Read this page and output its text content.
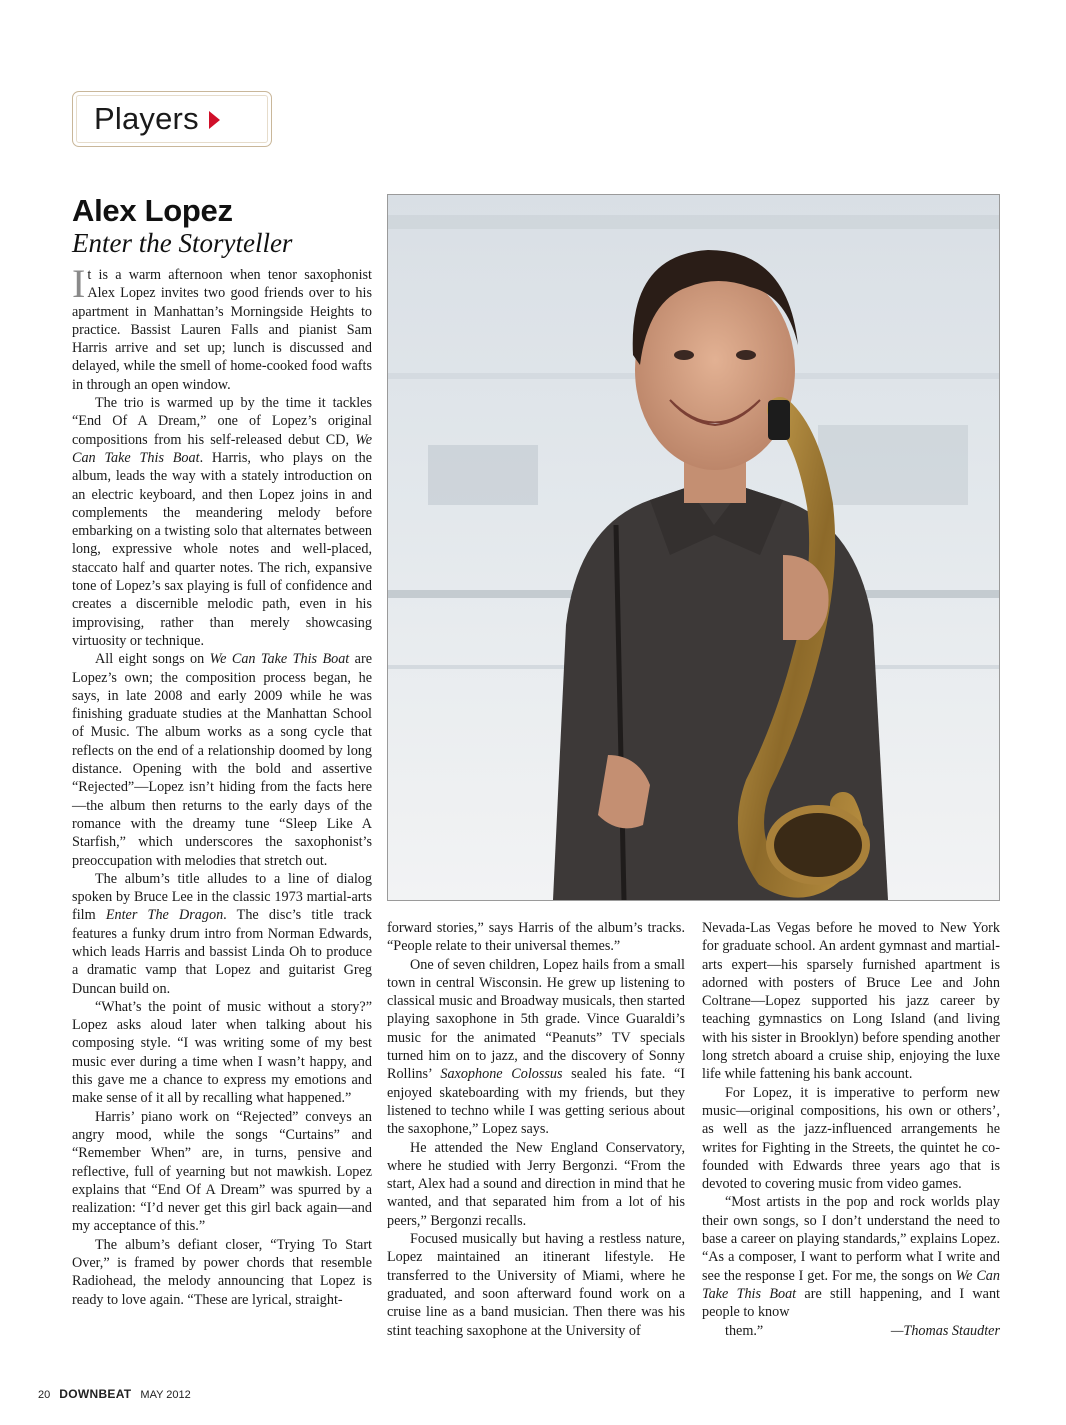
Players
Alex Lopez
Enter the Storyteller

It is a warm afternoon when tenor saxophonist Alex Lopez invites two good friends over to his apartment in Manhattan’s Morningside Heights to practice. Bassist Lauren Falls and pianist Sam Harris arrive and set up; lunch is discussed and delayed, while the smell of home-cooked food wafts in through an open window.

The trio is warmed up by the time it tackles “End Of A Dream,” one of Lopez’s original compositions from his self-released debut CD, We Can Take This Boat. Harris, who plays on the album, leads the way with a stately introduction on an electric keyboard, and then Lopez joins in and complements the meandering melody before embarking on a twisting solo that alternates between long, expressive whole notes and well-placed, staccato half and quarter notes. The rich, expansive tone of Lopez’s sax playing is full of confidence and creates a discernible melodic path, even in his improvising, rather than merely showcasing virtuosity or technique.

All eight songs on We Can Take This Boat are Lopez’s own; the composition process began, he says, in late 2008 and early 2009 while he was finishing graduate studies at the Manhattan School of Music. The album works as a song cycle that reflects on the end of a relationship doomed by long distance. Opening with the bold and assertive “Rejected”—Lopez isn’t hiding from the facts here—the album then returns to the early days of the romance with the dreamy tune “Sleep Like A Starfish,” which underscores the saxophonist’s preoccupation with melodies that stretch out.

The album’s title alludes to a line of dialog spoken by Bruce Lee in the classic 1973 martial-arts film Enter The Dragon. The disc’s title track features a funky drum intro from Norman Edwards, which leads Harris and bassist Linda Oh to produce a dramatic vamp that Lopez and guitarist Greg Duncan build on.

“What’s the point of music without a story?” Lopez asks aloud later when talking about his composing style. “I was writing some of my best music ever during a time when I wasn’t happy, and this gave me a chance to express my emotions and make sense of it all by recalling what happened.”

Harris’ piano work on “Rejected” conveys an angry mood, while the songs “Curtains” and “Remember When” are, in turns, pensive and reflective, full of yearning but not mawkish. Lopez explains that “End Of A Dream” was spurred by a realization: “I’d never get this girl back again—and my acceptance of this.”

The album’s defiant closer, “Trying To Start Over,” is framed by power chords that resemble Radiohead, the melody announcing that Lopez is ready to love again. “These are lyrical, straight-

forward stories,” says Harris of the album’s tracks. “People relate to their universal themes.”

One of seven children, Lopez hails from a small town in central Wisconsin. He grew up listening to classical music and Broadway musicals, then started playing saxophone in 5th grade. Vince Guaraldi’s music for the animated “Peanuts” TV specials turned him on to jazz, and the discovery of Sonny Rollins’ Saxophone Colossus sealed his fate. “I enjoyed skateboarding with my friends, but they listened to techno while I was getting serious about the saxophone,” Lopez says.

He attended the New England Conservatory, where he studied with Jerry Bergonzi. “From the start, Alex had a sound and direction in mind that he wanted, and that separated him from a lot of his peers,” Bergonzi recalls.

Focused musically but having a restless nature, Lopez maintained an itinerant lifestyle. He transferred to the University of Miami, where he graduated, and soon afterward found work on a cruise line as a band musician. Then there was his stint teaching saxophone at the University of

Nevada-Las Vegas before he moved to New York for graduate school. An ardent gymnast and martial-arts expert—his sparsely furnished apartment is adorned with posters of Bruce Lee and John Coltrane—Lopez supported his jazz career by teaching gymnastics on Long Island (and living with his sister in Brooklyn) before spending another long stretch aboard a cruise ship, enjoying the luxe life while fattening his bank account.

For Lopez, it is imperative to perform new music—original compositions, his own or others’, as well as the jazz-influenced arrangements he writes for Fighting in the Streets, the quintet he co-founded with Edwards three years ago that is devoted to covering music from video games.

“Most artists in the pop and rock worlds play their own songs, so I don’t understand the need to base a career on playing standards,” explains Lopez. “As a composer, I want to perform what I write and see the response I get. For me, the songs on We Can Take This Boat are still happening, and I want people to know

them.”	—Thomas Staudter

20 DOWNBEAT MAY 2012
